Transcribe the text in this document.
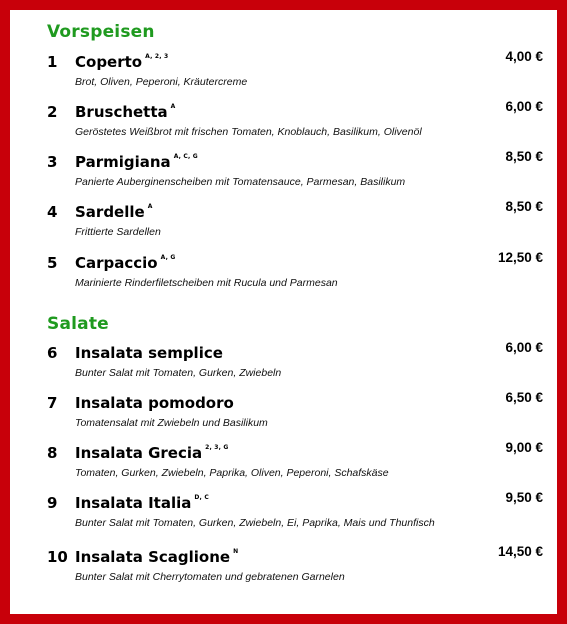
Vorspeisen
1 Coperto $^{A, 2, 3}$	4,00 €
Brot, Oliven, Peperoni, Kräutercreme
2 Bruschetta $^A$	6,00 €
Geröstetes Weißbrot mit frischen Tomaten, Knoblauch, Basilikum, Olivenöl
3 Parmigiana $^{A, C, G}$	8,50 €
Panierte Auberginenscheiben mit Tomatensauce, Parmesan, Basilikum
4 Sardelle $^A$	8,50 €
Frittierte Sardellen
5 Carpaccio $^{A, G}$	12,50 €
Marinierte Rinderfiletscheiben mit Rucula und Parmesan
Salate
6 Insalata semplice	6,00 €
Bunter Salat mit Tomaten, Gurken, Zwiebeln
7 Insalata pomodoro	6,50 €
Tomatensalat mit Zwiebeln und Basilikum
8 Insalata Grecia $^{2, 3, G}$	9,00 €
Tomaten, Gurken, Zwiebeln, Paprika, Oliven, Peperoni, Schafskäse
9 Insalata Italia $^{D, C}$	9,50 €
Bunter Salat mit Tomaten, Gurken, Zwiebeln, Ei, Paprika, Mais und Thunfisch
10 Insalata Scaglione $^N$	14,50 €
Bunter Salat mit Cherrytomaten und gebratenen Garnelen
